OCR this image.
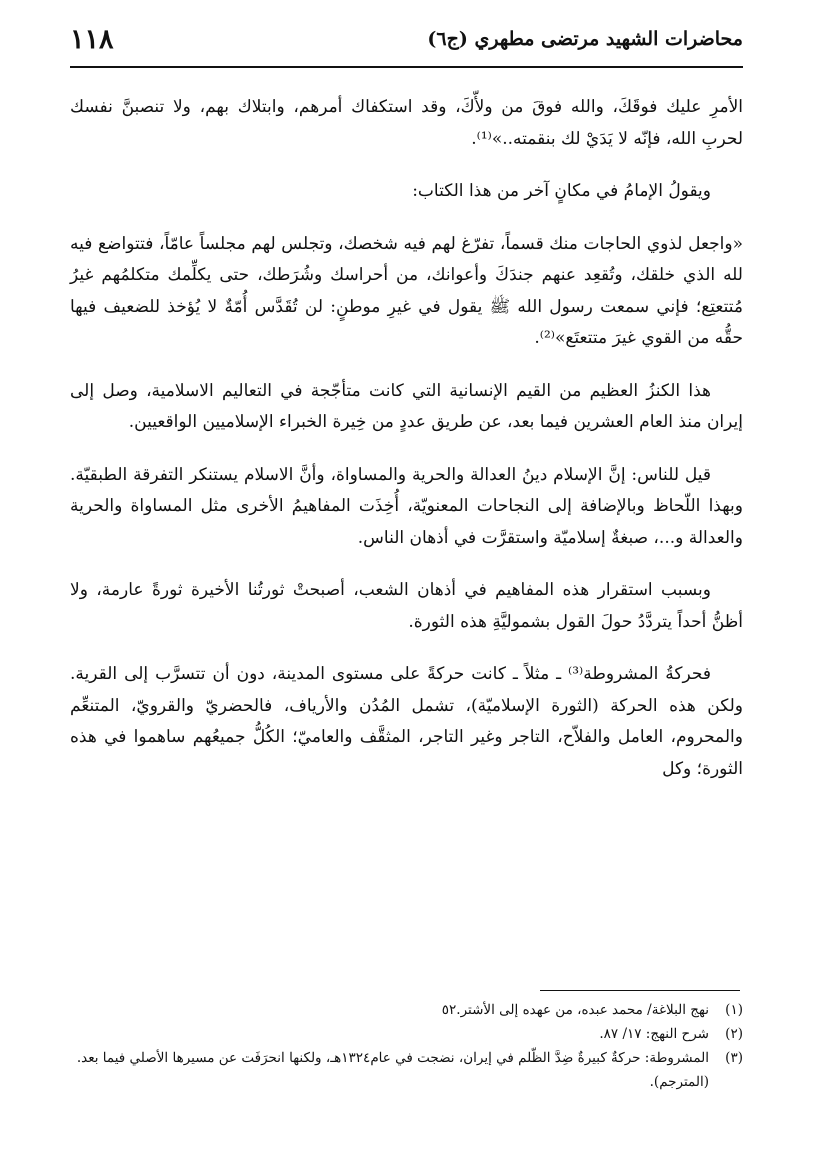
محاضرات الشهيد مرتضى مطهري (ج٦)
١١٨

الأمرِ عليك فوقَكَ، والله فوقَ من ولأّكَ، وقد استكفاك أمرهم، وابتلاك بهم، ولا تنصبنَّ نفسك لحربِ الله، فإنّه لا يَدَيْ لك بنقمته..»⁽¹⁾.

ويقولُ الإمامُ في مكانٍ آخر من هذا الكتاب:

«واجعل لذوي الحاجات منك قسماً، تفرّغ لهم فيه شخصك، وتجلس لهم مجلساً عامّاً، فتتواضع فيه لله الذي خلقك، وتُقعِد عنهم جندَكَ وأعوانك، من أحراسك وشُرَطك، حتى يكلِّمك متكلمُهم غيرُ مُتتعتِع؛ فإني سمعت رسول الله ﷺ يقول في غيرِ موطنٍ: لن تُقَدَّس أُمّةٌ لا يُؤخذ للضعيف فيها حقُّه من القوي غيرَ متتعتَع»⁽²⁾.

هذا الكنزُ العظيم من القيم الإنسانية التي كانت متأجّجة في التعاليم الاسلامية، وصل إلى إيران منذ العام العشرين فيما بعد، عن طريق عددٍ من خِيرة الخبراء الإسلاميين الواقعيين.

قيل للناس: إنَّ الإسلام دينُ العدالة والحرية والمساواة، وأنَّ الاسلام يستنكر التفرقة الطبقيّة. وبهذا اللّحاظ وبالإضافة إلى النجاحات المعنويّة، أُخِذَت المفاهيمُ الأخرى مثل المساواة والحرية والعدالة و...، صبغةٌ إسلاميّة واستقرَّت في أذهان الناس.

وبسبب استقرار هذه المفاهيم في أذهان الشعب، أصبحتْ ثورتُنا الأخيرة ثورةً عارمة، ولا أظنُّ أحداً يتردَّدُ حولَ القول بشموليَّةِ هذه الثورة.

فحركةُ المشروطة⁽³⁾ ـ مثلاً ـ كانت حركةً على مستوى المدينة، دون أن تتسرَّب إلى القرية. ولكن هذه الحركة (الثورة الإسلاميّة)، تشمل المُدُن والأرياف، فالحضريّ والقرويّ، المتنعِّم والمحروم، العامل والفلاّح، التاجر وغير التاجر، المثقَّف والعاميّ؛ الكُلُّ جميعُهم ساهموا في هذه الثورة؛ وكل

(١)
نهج البلاغة/ محمد عبده، من عهده إلى الأشتر.٥٢

(٢)
شرح النهج: ١٧/ ٨٧.

(٣)
المشروطة: حركةٌ كبيرةٌ ضِدَّ الظّلم في إيران، نضجت في عام١٣٢٤هـ، ولكنها انحرَفَت عن مسيرها الأصلي فيما بعد.(المترجم).
